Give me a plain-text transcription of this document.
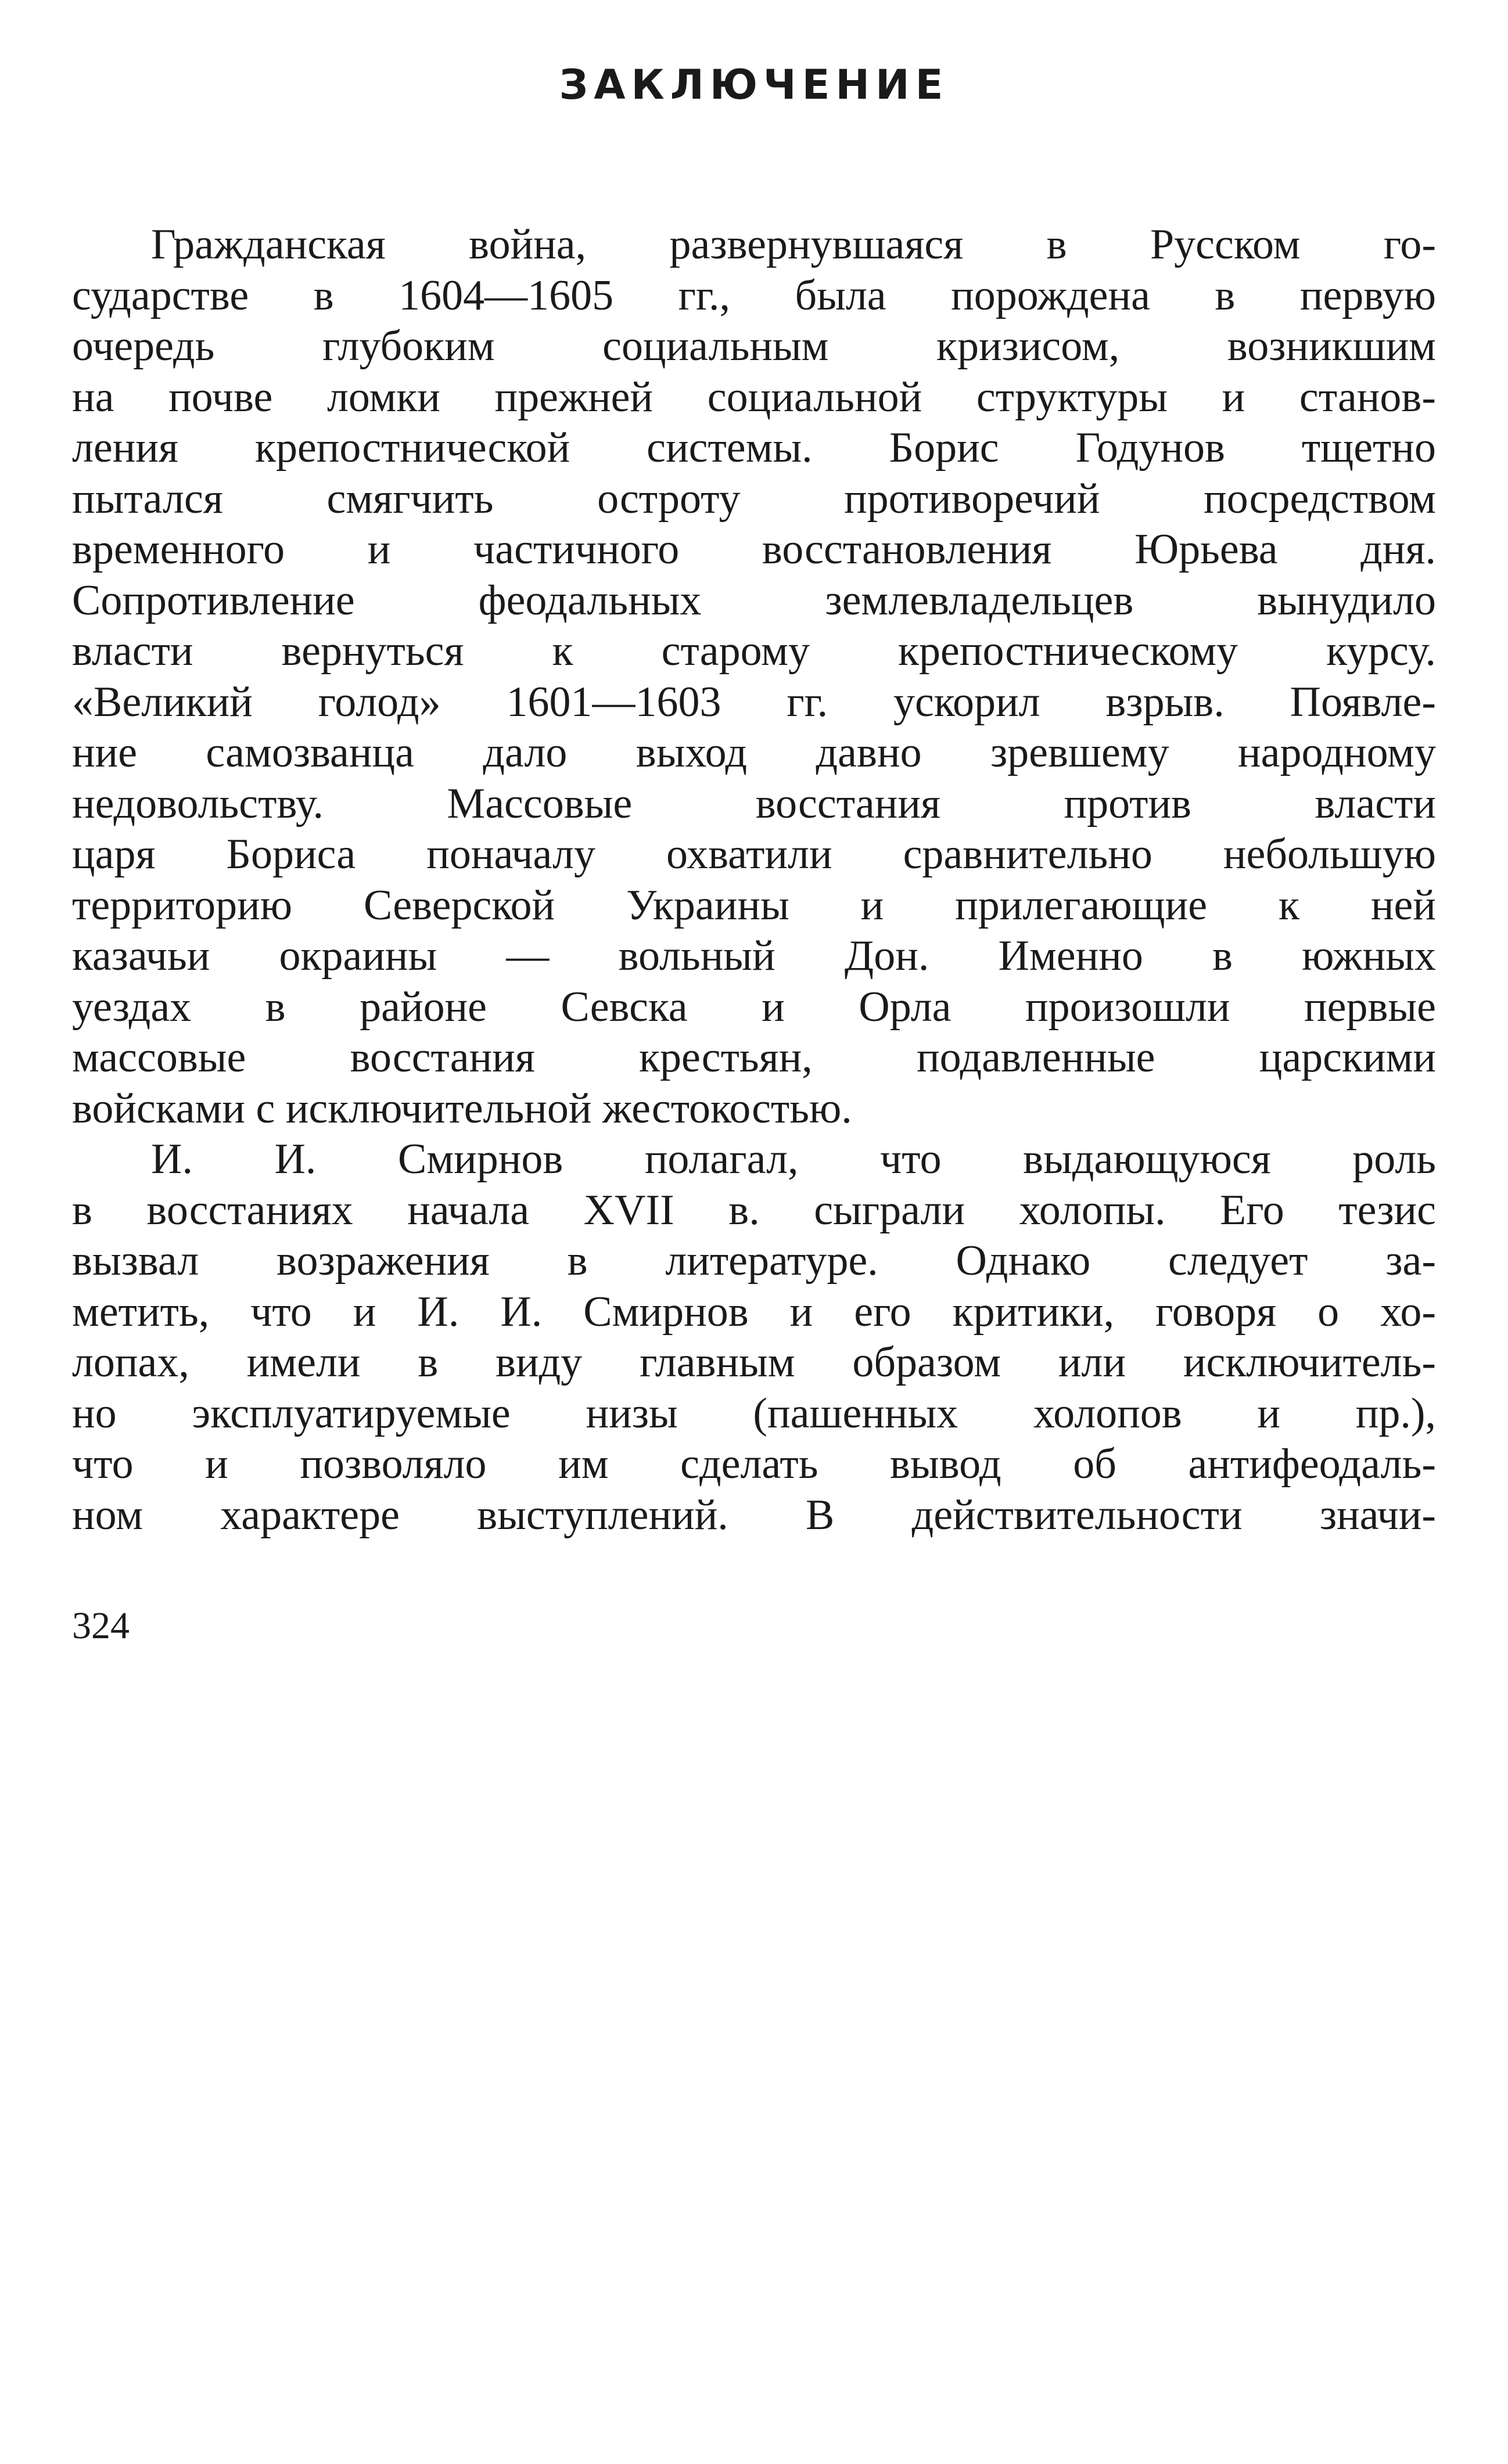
ЗАКЛЮЧЕНИЕ
Гражданская война, развернувшаяся в Русском го-
сударстве в 1604—1605 гг., была порождена в первую
очередь глубоким социальным кризисом, возникшим
на почве ломки прежней социальной структуры и станов-
ления крепостнической системы. Борис Годунов тщетно
пытался смягчить остроту противоречий посредством
временного и частичного восстановления Юрьева дня.
Сопротивление феодальных землевладельцев вынудило
власти вернуться к старому крепостническому курсу.
«Великий голод» 1601—1603 гг. ускорил взрыв. Появле-
ние самозванца дало выход давно зревшему народному
недовольству. Массовые восстания против власти
царя Бориса поначалу охватили сравнительно небольшую
территорию Северской Украины и прилегающие к ней
казачьи окраины — вольный Дон. Именно в южных
уездах в районе Севска и Орла произошли первые
массовые восстания крестьян, подавленные царскими
войсками с исключительной жестокостью.
И. И. Смирнов полагал, что выдающуюся роль
в восстаниях начала XVII в. сыграли холопы. Его тезис
вызвал возражения в литературе. Однако следует за-
метить, что и И. И. Смирнов и его критики, говоря о хо-
лопах, имели в виду главным образом или исключитель-
но эксплуатируемые низы (пашенных холопов и пр.),
что и позволяло им сделать вывод об антифеодаль-
ном характере выступлений. В действительности значи-
324
